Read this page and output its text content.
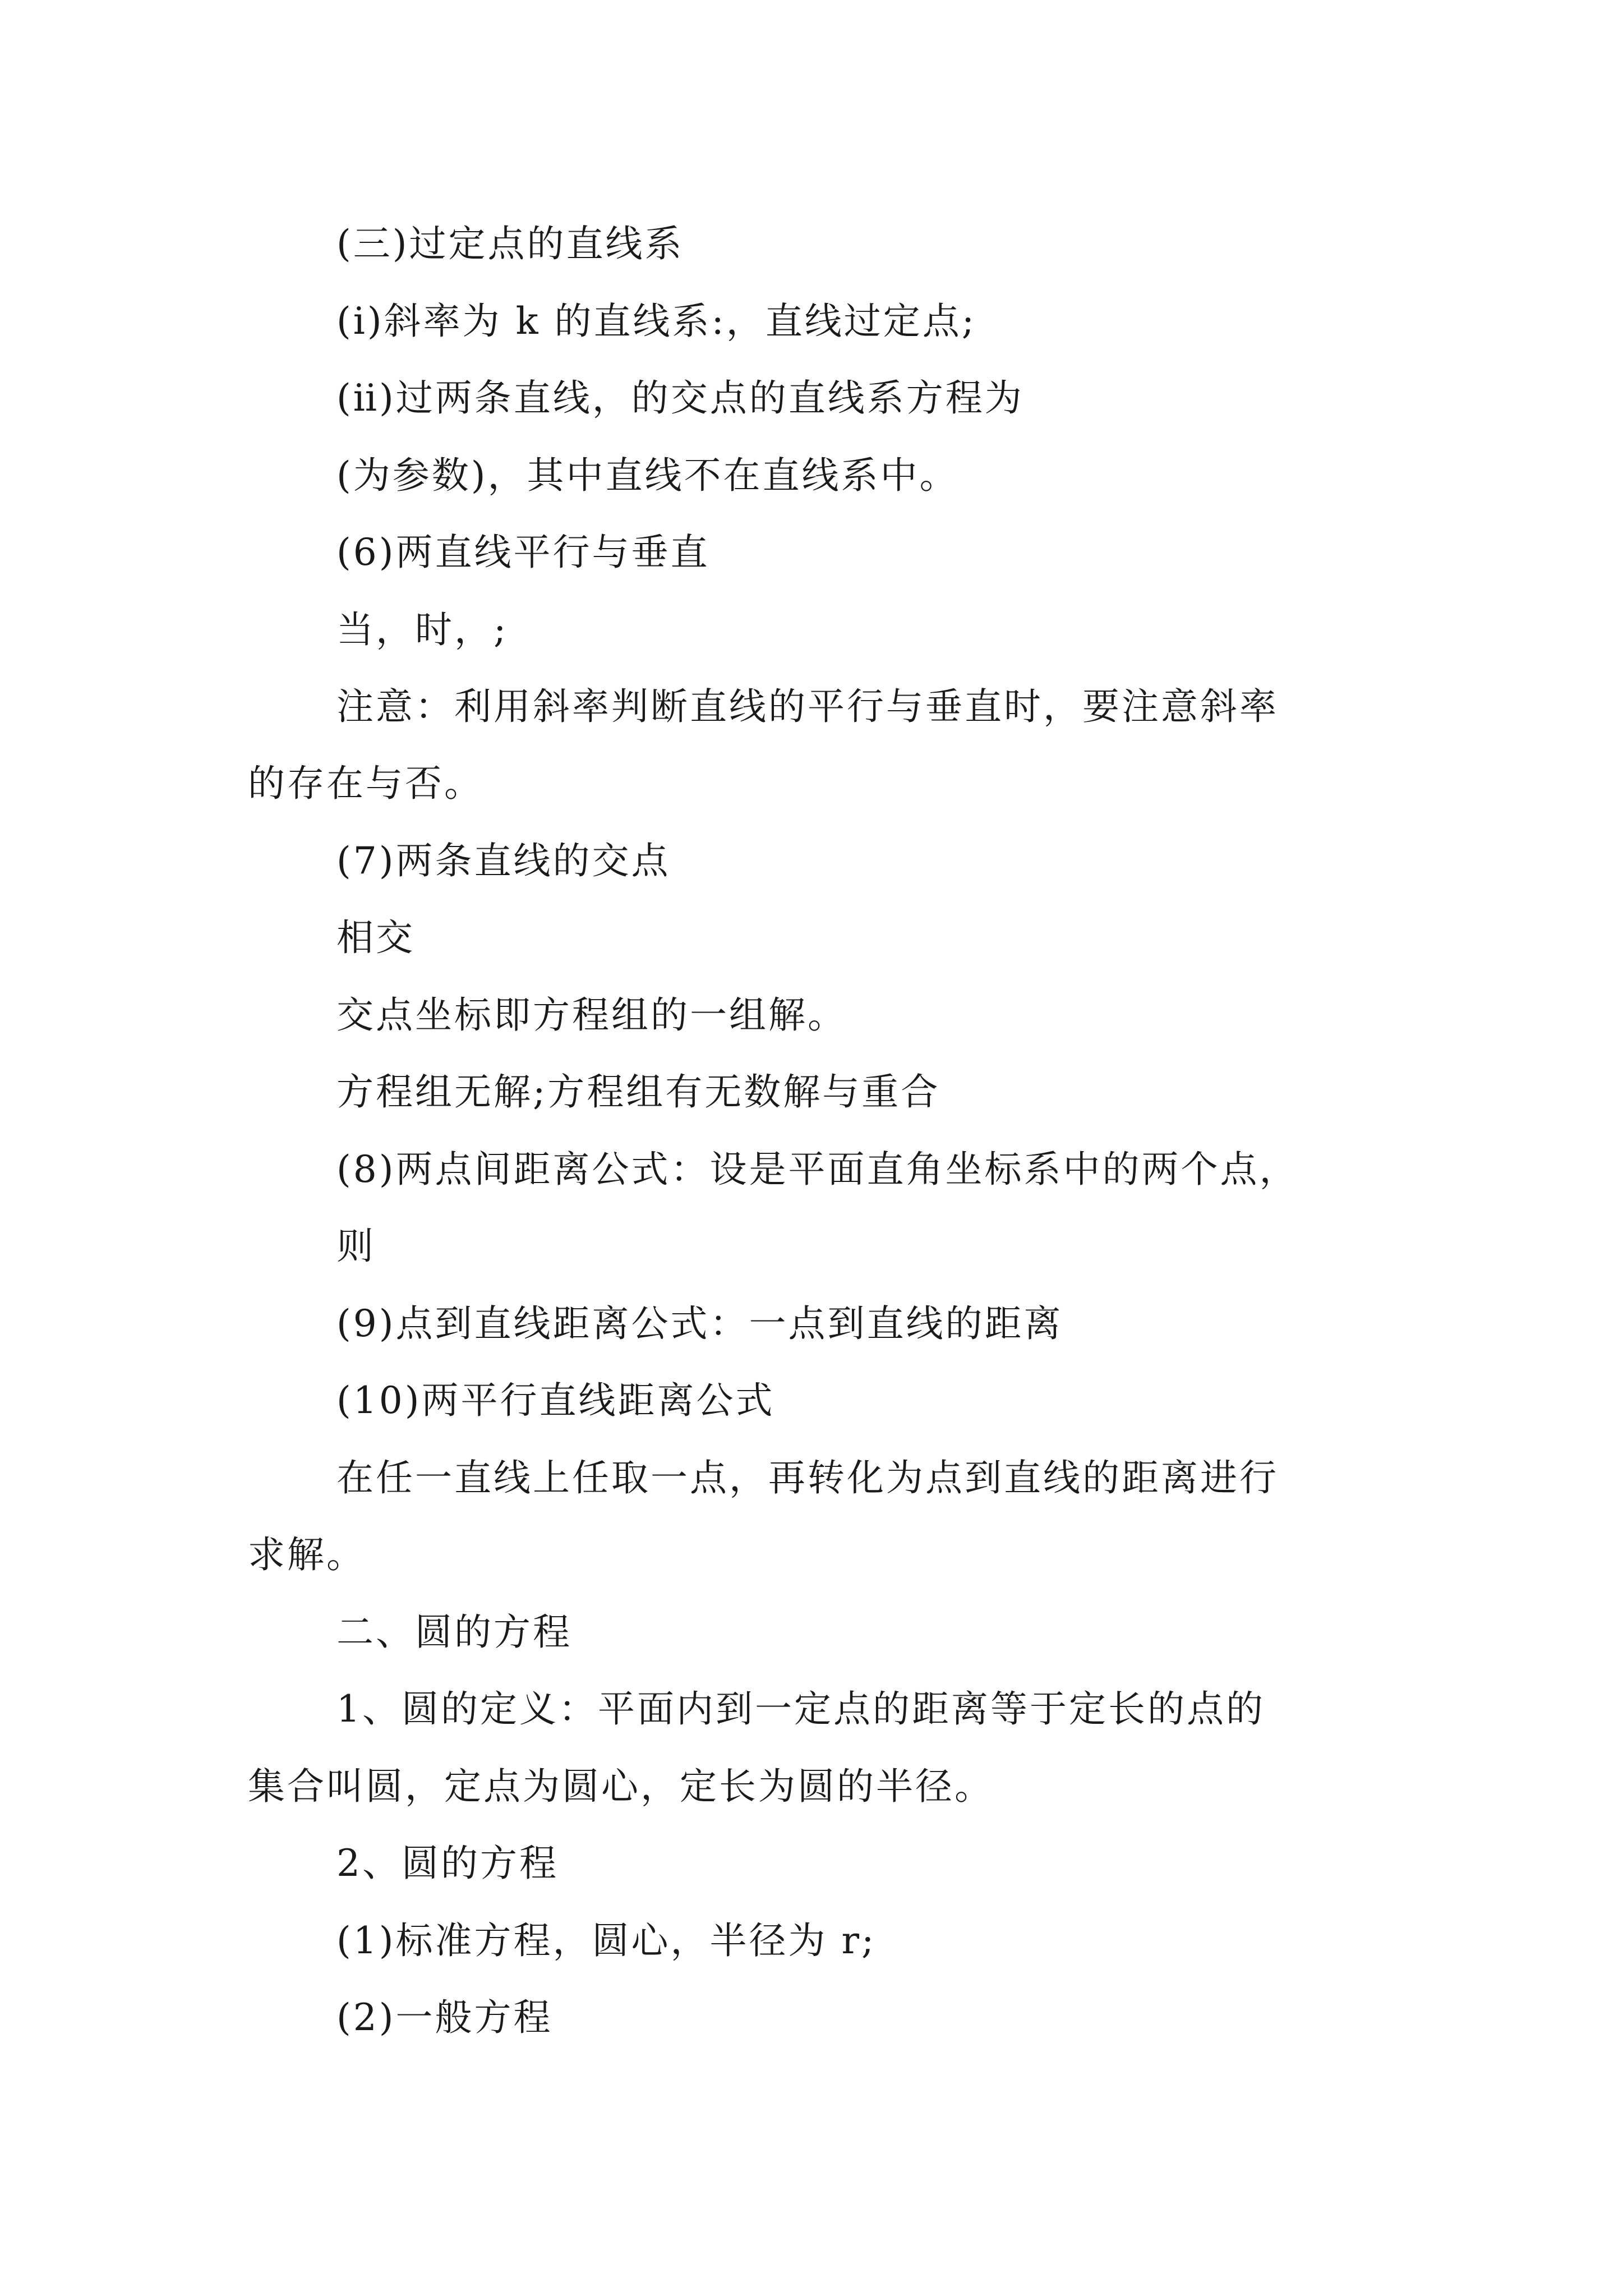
(三)过定点的直线系
(ⅰ)斜率为 k 的直线系:，直线过定点;
(ⅱ)过两条直线，的交点的直线系方程为
(为参数)，其中直线不在直线系中。
(6)两直线平行与垂直
当，时，;
注意：利用斜率判断直线的平行与垂直时，要注意斜率
的存在与否。
(7)两条直线的交点
相交
交点坐标即方程组的一组解。
方程组无解;方程组有无数解与重合
(8)两点间距离公式：设是平面直角坐标系中的两个点，
则
(9)点到直线距离公式：一点到直线的距离
(10)两平行直线距离公式
在任一直线上任取一点，再转化为点到直线的距离进行
求解。
二、圆的方程
1、圆的定义：平面内到一定点的距离等于定长的点的
集合叫圆，定点为圆心，定长为圆的半径。
2、圆的方程
(1)标准方程，圆心，半径为 r;
(2)一般方程
